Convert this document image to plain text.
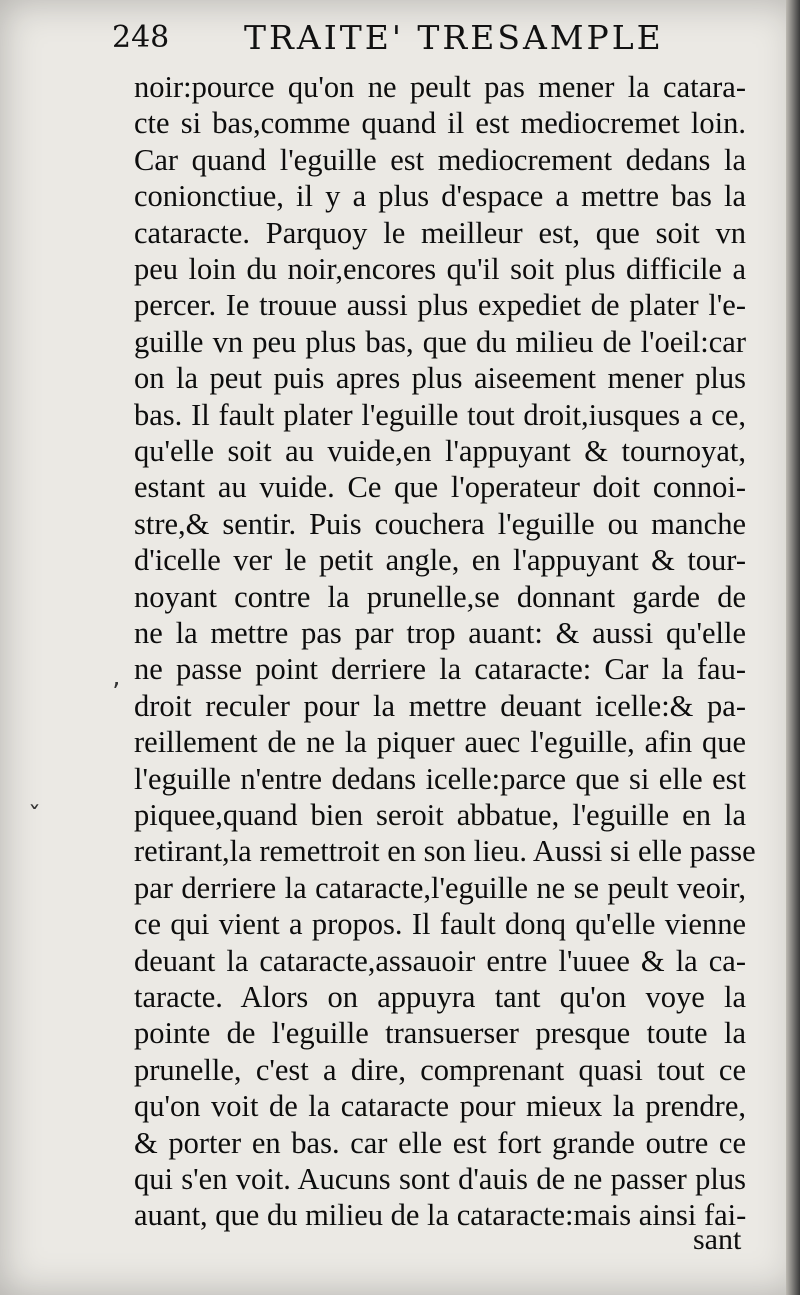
248 TRAITE' TRESAMPLE
noir:pource qu'on ne peult pas mener la catara-
cte si bas,comme quand il est mediocremet loin.
Car quand l'eguille est mediocrement dedans la
conionctiue, il y a plus d'espace a mettre bas la
cataracte. Parquoy le meilleur est, que soit vn
peu loin du noir,encores qu'il soit plus difficile a
percer. Ie trouue aussi plus expediet de plater l'e-
guille vn peu plus bas, que du milieu de l'oeil:car
on la peut puis apres plus aiseement mener plus
bas. Il fault plater l'eguille tout droit,iusques a ce,
qu'elle soit au vuide,en l'appuyant & tournoyat,
estant au vuide. Ce que l'operateur doit connoi-
stre,& sentir. Puis couchera l'eguille ou manche
d'icelle ver le petit angle, en l'appuyant & tour-
noyant contre la prunelle,se donnant garde de
ne la mettre pas par trop auant: & aussi qu'elle
ne passe point derriere la cataracte: Car la fau-
droit reculer pour la mettre deuant icelle:& pa-
reillement de ne la piquer auec l'eguille, afin que
l'eguille n'entre dedans icelle:parce que si elle est
piquee,quand bien seroit abbatue, l'eguille en la
retirant,la remettroit en son lieu. Aussi si elle passe
par derriere la cataracte,l'eguille ne se peult veoir,
ce qui vient a propos. Il fault donq qu'elle vienne
deuant la cataracte,assauoir entre l'uuee & la ca-
taracte. Alors on appuyra tant qu'on voye la
pointe de l'eguille transuerser presque toute la
prunelle, c'est a dire, comprenant quasi tout ce
qu'on voit de la cataracte pour mieux la prendre,
& porter en bas. car elle est fort grande outre ce
qui s'en voit. Aucuns sont d'auis de ne passer plus
auant, que du milieu de la cataracte:mais ainsi fai-
sant
ʼ
ˇ
